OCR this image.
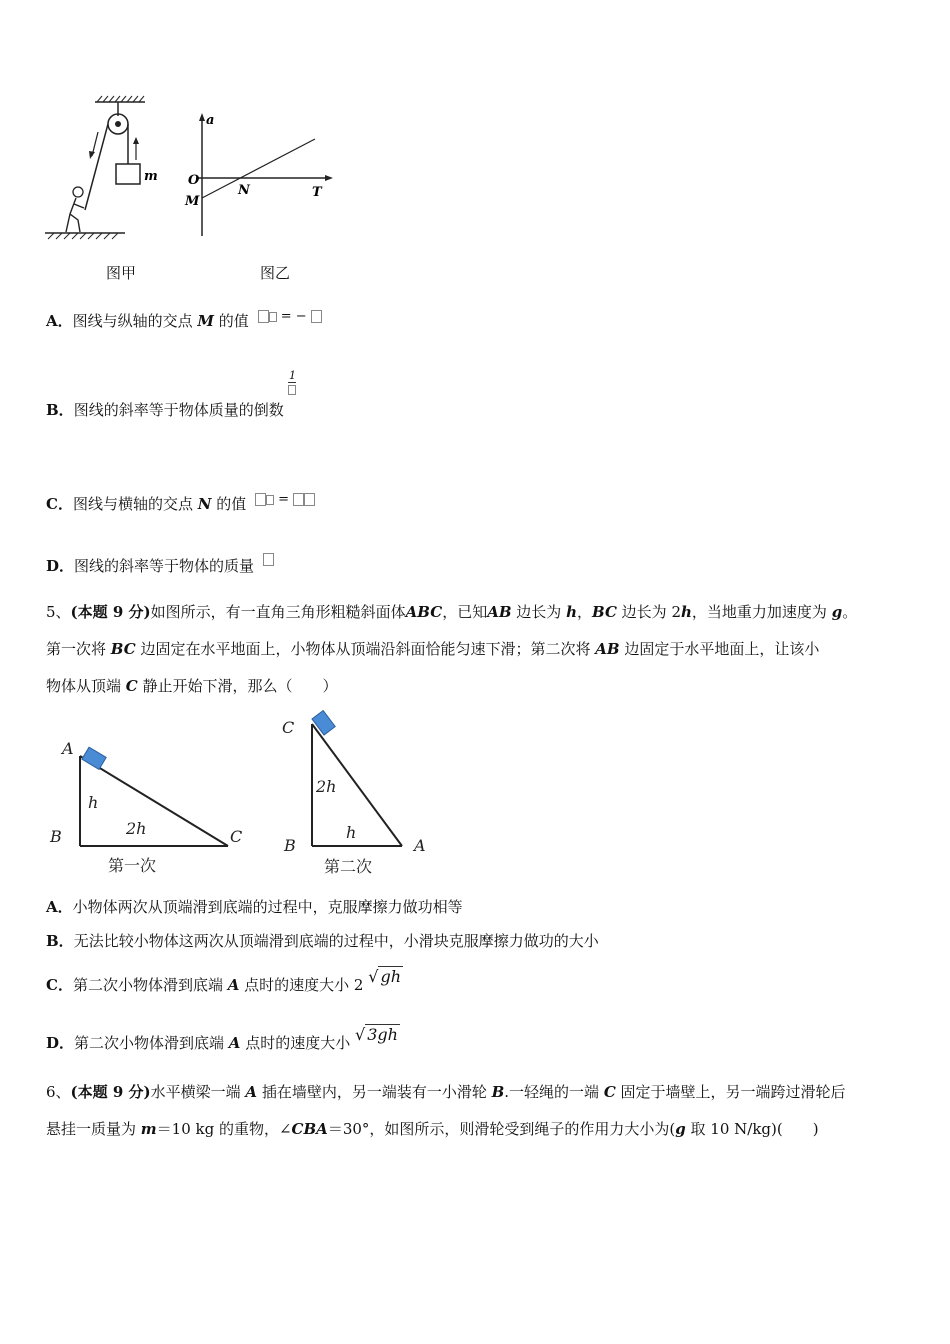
m
a
T
O
M
N
图甲	图乙
A．图线与纵轴的交点 M 的值 = −
B．图线的斜率等于物体质量的倒数
1
C．图线与横轴的交点 N 的值 =
D．图线的斜率等于物体的质量
5、(本题 9 分)如图所示，有一直角三角形粗糙斜面体ABC，已知AB 边长为 h，BC 边长为 2h，当地重力加速度为 g。
第一次将 BC 边固定在水平地面上，小物体从顶端沿斜面恰能匀速下滑；第二次将 AB 边固定于水平地面上，让该小
物体从顶端 C 静止开始下滑，那么（　　）
A
B	C
h
2h
第一次
C
B	A
2h
h
第二次
A．小物体两次从顶端滑到底端的过程中，克服摩擦力做功相等
B．无法比较小物体这两次从顶端滑到底端的过程中，小滑块克服摩擦力做功的大小
C．第二次小物体滑到底端 A 点时的速度大小 2 √ gh
D．第二次小物体滑到底端 A 点时的速度大小 √ 3gh
6、(本题 9 分)水平横梁一端 A 插在墙壁内，另一端装有一小滑轮 B.一轻绳的一端 C 固定于墙壁上，另一端跨过滑轮后
悬挂一质量为 m＝10 kg 的重物，∠CBA＝30°，如图所示，则滑轮受到绳子的作用力大小为(g 取 10 N/kg)(　　)
